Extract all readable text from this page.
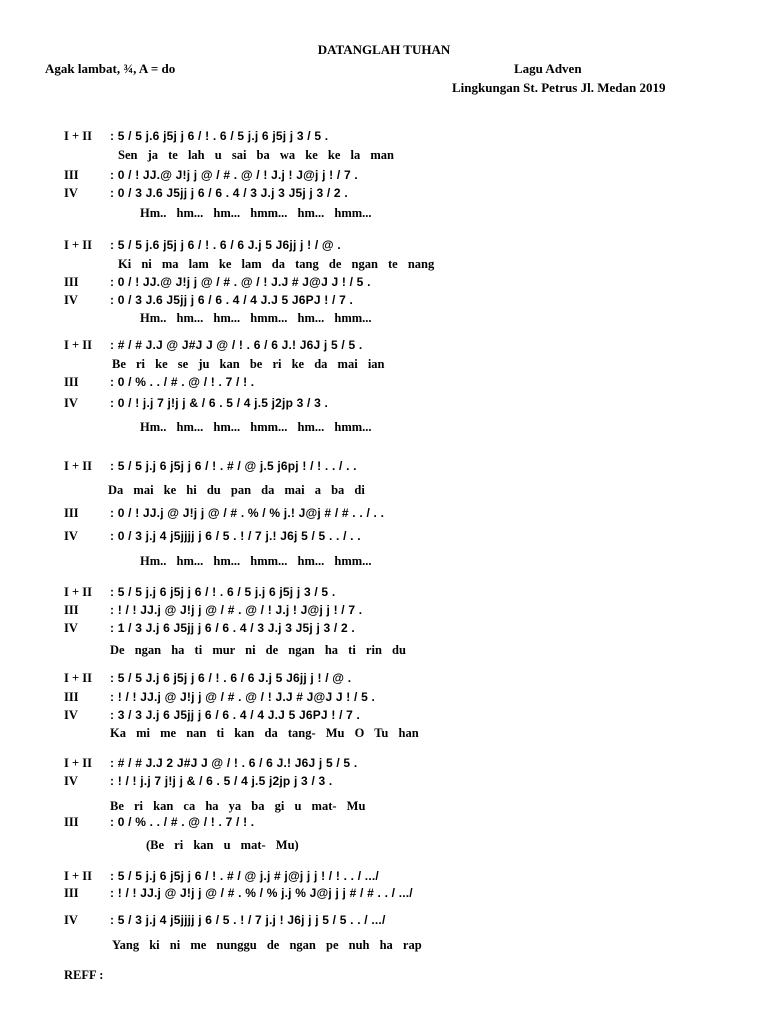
DATANGLAH TUHAN
Agak lambat, ¾, A = do	Lagu Adven
Lingkungan St. Petrus Jl. Medan 2019
I + II : 5 / 5 j.6 j5j j 6 / ! . 6 / 5 j.j 6 j5j j 3 / 5 .
Sen ja te lah u sai ba wa ke ke la man
III	: 0 / ! JJ.@ J!j j @ / # . @ / ! J.j ! J@j j ! / 7 .
IV	: 0 / 3 J.6 J5jj j 6 / 6 . 4 / 3 J.j 3 J5j j 3 / 2 .
Hm.. hm... hm... hmm... hm... hmm...
I + II : 5 / 5 j.6 j5j j 6 / ! . 6 / 6 J.j 5 J6jj j ! / @ .
Ki ni ma lam ke lam da tang de ngan te nang
III	: 0 / ! JJ.@ J!j j @ / # . @ / ! J.J # J@J J ! / 5 .
IV	: 0 / 3 J.6 J5jj j 6 / 6 . 4 / 4 J.J 5 J6PJ ! / 7 .
Hm.. hm... hm... hmm... hm... hmm...
I + II : # / # J.J @ J#J J @ / ! . 6 / 6 J.! J6J j 5 / 5 .
Be ri ke se ju kan be ri ke da mai ian
III	: 0 / % . . / # . @ / ! . 7 / ! .
IV	: 0 / ! j.j 7 j!j j & / 6 . 5 / 4 j.5 j2jp 3 / 3 .
Hm.. hm... hm... hmm... hm... hmm...
I + II : 5 / 5 j.j 6 j5j j 6 / ! . # / @ j.5 j6pj ! / ! . . / . .
Da mai ke hi du pan da mai a ba di
III	: 0 / ! JJ.j @ J!j j @ / # . % / % j.! J@j # / # . . / . .
IV	: 0 / 3 j.j 4 j5jjjj j 6 / 5 . ! / 7 j.! J6j 5 / 5 . . / . .
Hm.. hm... hm... hmm... hm... hmm...
I + II : 5 / 5 j.j 6 j5j j 6 / ! . 6 / 5 j.j 6 j5j j 3 / 5 .
III	: ! / ! JJ.j @ J!j j @ / # . @ / ! J.j ! J@j j ! / 7 .
IV	: 1 / 3 J.j 6 J5jj j 6 / 6 . 4 / 3 J.j 3 J5j j 3 / 2 .
De ngan ha ti mur ni de ngan ha ti rin du
I + II : 5 / 5 J.j 6 j5j j 6 / ! . 6 / 6 J.j 5 J6jj j ! / @ .
III	: ! / ! JJ.j @ J!j j @ / # . @ / ! J.J # J@J J ! / 5 .
IV	: 3 / 3 J.j 6 J5jj j 6 / 6 . 4 / 4 J.J 5 J6PJ ! / 7 .
Ka mi me nan ti kan da tang- Mu O Tu han
I + II : # / # J.J 2 J#J J @ / ! . 6 / 6 J.! J6J j 5 / 5 .
IV	: ! / ! j.j 7 j!j j & / 6 . 5 / 4 j.5 j2jp j 3 / 3 .
Be ri kan ca ha ya ba gi u mat- Mu
III	: 0 / % . . / # . @ / ! . 7 / ! .
(Be ri kan u mat- Mu)
I + II : 5 / 5 j.j 6 j5j j 6 / ! . # / @ j.j # j@j j j ! / ! . . / .../
III	: ! / ! JJ.j @ J!j j @ / # . % / % j.j % J@j j j # / # . . / .../
IV	: 5 / 3 j.j 4 j5jjjj j 6 / 5 . ! / 7 j.j ! J6j j j 5 / 5 . . / .../
Yang ki ni me nunggu de ngan pe nuh ha rap
REFF :
